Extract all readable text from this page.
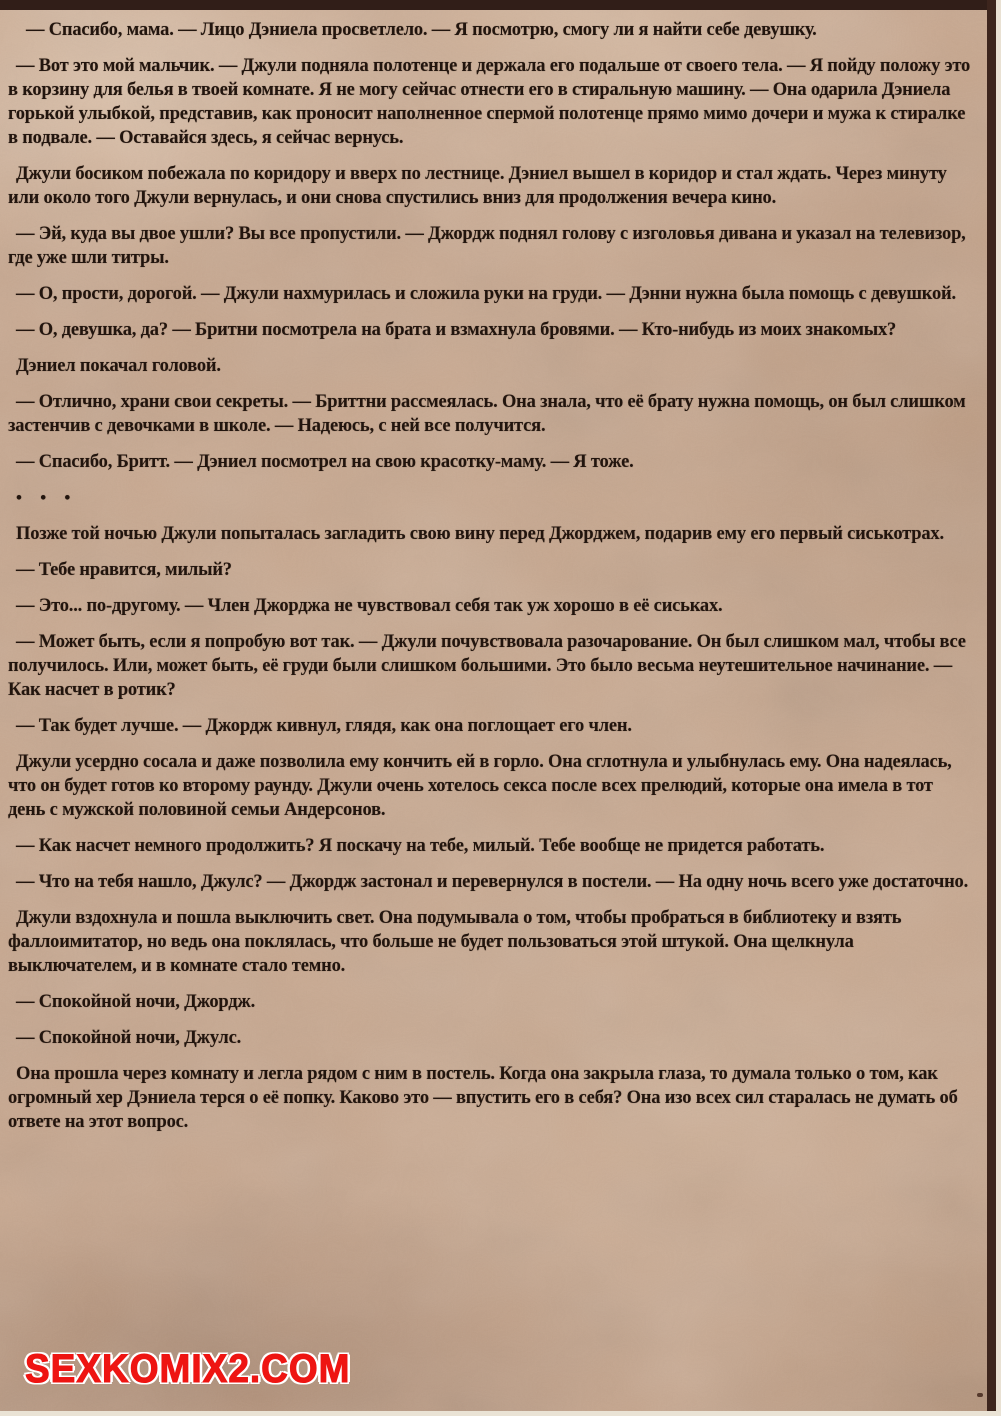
— Спасибо, мама. — Лицо Дэниела просветлело. — Я посмотрю, смогу ли я найти себе девушку.

— Вот это мой мальчик. — Джули подняла полотенце и держала его подальше от своего тела. — Я пойду положу это в корзину для белья в твоей комнате. Я не могу сейчас отнести его в стиральную машину. — Она одарила Дэниела горькой улыбкой, представив, как проносит наполненное спермой полотенце прямо мимо дочери и мужа к стиралке в подвале. — Оставайся здесь, я сейчас вернусь.

Джули босиком побежала по коридору и вверх по лестнице. Дэниел вышел в коридор и стал ждать. Через минуту или около того Джули вернулась, и они снова спустились вниз для продолжения вечера кино.

— Эй, куда вы двое ушли? Вы все пропустили. — Джордж поднял голову с изголовья дивана и указал на телевизор, где уже шли титры.

— О, прости, дорогой. — Джули нахмурилась и сложила руки на груди. — Дэнни нужна была помощь с девушкой.

— О, девушка, да? — Бритни посмотрела на брата и взмахнула бровями. — Кто-нибудь из моих знакомых?

Дэниел покачал головой.

— Отлично, храни свои секреты. — Бриттни рассмеялась. Она знала, что её брату нужна помощь, он был слишком застенчив с девочками в школе. — Надеюсь, с ней все получится.

— Спасибо, Бритт. — Дэниел посмотрел на свою красотку-маму. — Я тоже.

• • •

Позже той ночью Джули попыталась загладить свою вину перед Джорджем, подарив ему его первый сиськотрах.

— Тебе нравится, милый?

— Это... по-другому. — Член Джорджа не чувствовал себя так уж хорошо в её сиськах.

— Может быть, если я попробую вот так. — Джули почувствовала разочарование. Он был слишком мал, чтобы все получилось. Или, может быть, её груди были слишком большими. Это было весьма неутешительное начинание. — Как насчет в ротик?

— Так будет лучше. — Джордж кивнул, глядя, как она поглощает его член.

Джули усердно сосала и даже позволила ему кончить ей в горло. Она сглотнула и улыбнулась ему. Она надеялась, что он будет готов ко второму раунду. Джули очень хотелось секса после всех прелюдий, которые она имела в тот день с мужской половиной семьи Андерсонов.

— Как насчет немного продолжить? Я поскачу на тебе, милый. Тебе вообще не придется работать.

— Что на тебя нашло, Джулс? — Джордж застонал и перевернулся в постели. — На одну ночь всего уже достаточно.

Джули вздохнула и пошла выключить свет. Она подумывала о том, чтобы пробраться в библиотеку и взять фаллоимитатор, но ведь она поклялась, что больше не будет пользоваться этой штукой. Она щелкнула выключателем, и в комнате стало темно.

— Спокойной ночи, Джордж.

— Спокойной ночи, Джулс.

Она прошла через комнату и легла рядом с ним в постель. Когда она закрыла глаза, то думала только о том, как огромный хер Дэниела терся о её попку. Каково это — впустить его в себя? Она изо всех сил старалась не думать об ответе на этот вопрос.

SEXKOMIX2.COM
